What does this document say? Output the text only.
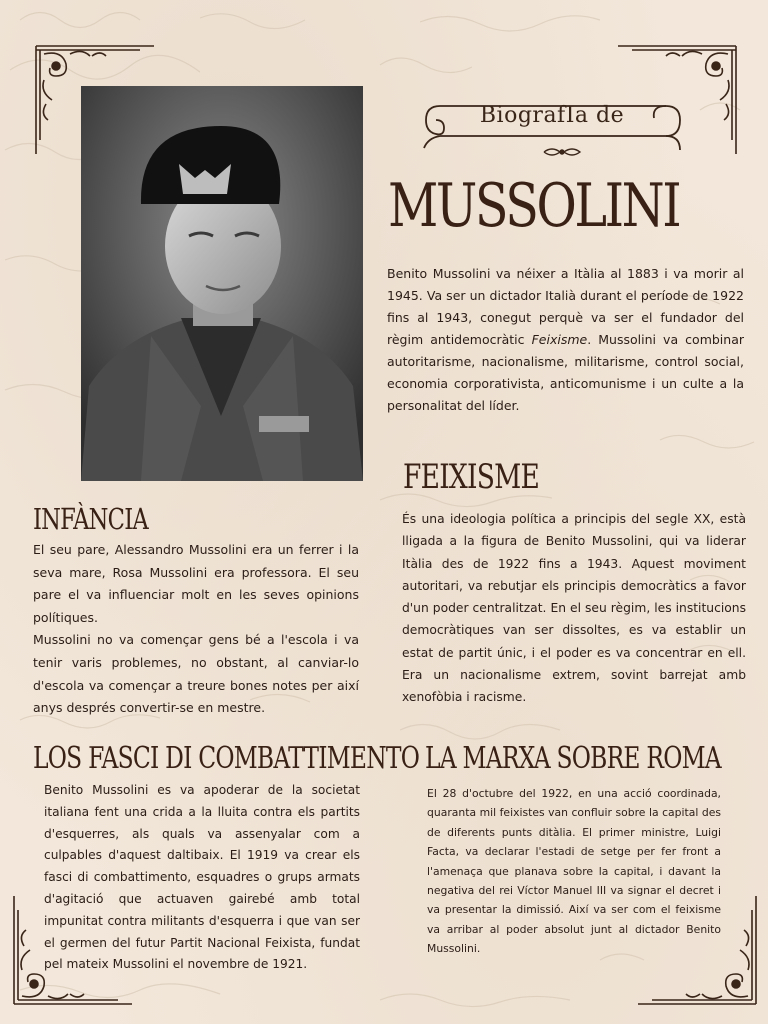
BiografIa de
MUSSOLINI
Benito Mussolini va néixer a Itàlia al 1883 i va morir al 1945. Va ser un dictador Italià durant el període de 1922 fins al 1943, conegut perquè va ser el fundador del règim antidemocràtic Feixisme. Mussolini va combinar autoritarisme, nacionalisme, militarisme, control social, economia corporativista, anticomunisme i un culte a la personalitat del líder.
FEIXISME
És una ideologia política a principis del segle XX, està lligada a la figura de Benito Mussolini, qui va liderar Itàlia des de 1922 fins a 1943. Aquest moviment autoritari, va rebutjar els principis democràtics a favor d'un poder centralitzat. En el seu règim, les institucions democràtiques van ser dissoltes, es va establir un estat de partit únic, i el poder es va concentrar en ell. Era un nacionalisme extrem, sovint barrejat amb xenofòbia i racisme.
INFÀNCIA

El seu pare, Alessandro Mussolini era un ferrer i la seva mare, Rosa Mussolini era professora. El seu pare el va influenciar molt en les seves opinions polítiques.

Mussolini no va començar gens bé a l'escola i va tenir varis problemes, no obstant, al canviar-lo d'escola va començar a treure bones notes per així anys després convertir-se en mestre.

LOS FASCI DI COMBATTIMENTO
Benito Mussolini es va apoderar de la societat italiana fent una crida a la lluita contra els partits d'esquerres, als quals va assenyalar com a culpables d'aquest daltibaix. El 1919 va crear els fasci di combattimento, esquadres o grups armats d'agitació que actuaven gairebé amb total impunitat contra militants d'esquerra i que van ser el germen del futur Partit Nacional Feixista, fundat pel mateix Mussolini el novembre de 1921.
LA MARXA SOBRE ROMA
El 28 d'octubre del 1922, en una acció coordinada, quaranta mil feixistes van confluir sobre la capital des de diferents punts ditàlia. El primer ministre, Luigi Facta, va declarar l'estadi de setge per fer front a l'amenaça que planava sobre la capital, i davant la negativa del rei Víctor Manuel III va signar el decret i va presentar la dimissió. Així va ser com el feixisme va arribar al poder absolut junt al dictador Benito Mussolini.
